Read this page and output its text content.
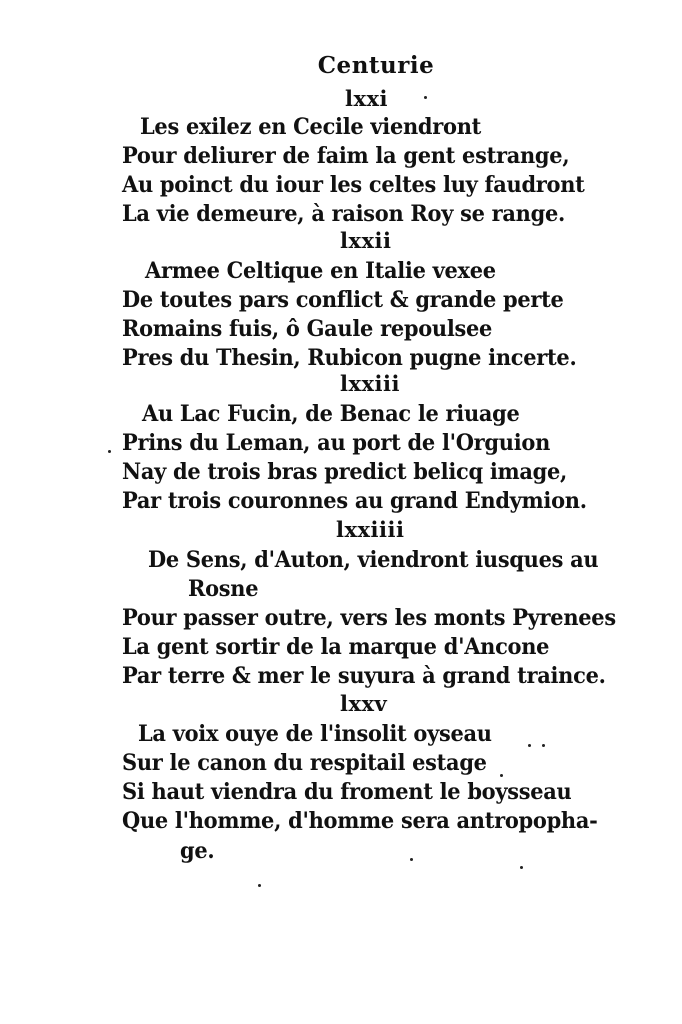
Centurie
lxxi
Les exilez en Cecile viendront
Pour deliurer de faim la gent estrange,
Au poinct du iour les celtes luy faudront
La vie demeure, à raison Roy se range.
lxxii
Armee Celtique en Italie vexee
De toutes pars conflict & grande perte
Romains fuis, ô Gaule repoulsee
Pres du Thesin, Rubicon pugne incerte.
lxxiii
Au Lac Fucin, de Benac le riuage
Prins du Leman, au port de l'Orguion
Nay de trois bras predict belicq image,
Par trois couronnes au grand Endymion.
lxxiiii
De Sens, d'Auton, viendront iusques au
Rosne
Pour passer outre, vers les monts Pyrenees
La gent sortir de la marque d'Ancone
Par terre & mer le suyura à grand traince.
lxxv
La voix ouye de l'insolit oyseau
Sur le canon du respitail estage
Si haut viendra du froment le boysseau
Que l'homme, d'homme sera antropopha-
ge.
